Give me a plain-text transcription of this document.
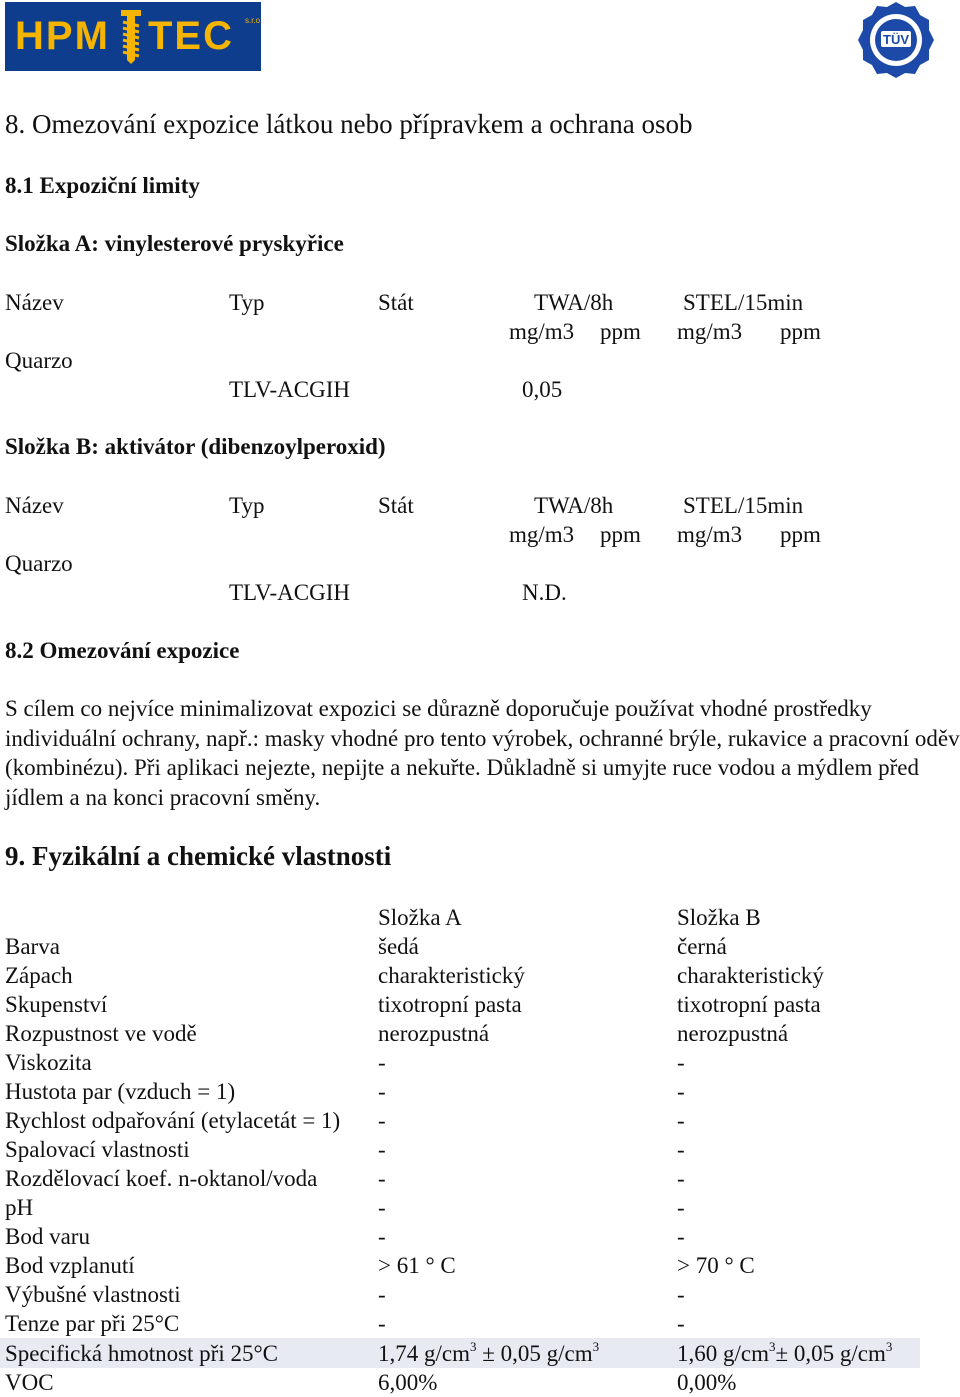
HPM TEC s.r.o.
TÜV
8. Omezování expozice látkou nebo přípravkem a ochrana osob
8.1 Expoziční limity
Složka A: vinylesterové pryskyřice
Název	Typ	Stát	TWA/8h	STEL/15min
mg/m3 ppm mg/m3 ppm
Quarzo
TLV-ACGIH	0,05
Složka B: aktivátor (dibenzoylperoxid)
Název	Typ	Stát	TWA/8h	STEL/15min
mg/m3 ppm mg/m3 ppm
Quarzo
TLV-ACGIH	N.D.
8.2 Omezování expozice
S cílem co nejvíce minimalizovat expozici se důrazně doporučuje používat vhodné prostředky individuální ochrany, např.: masky vhodné pro tento výrobek, ochranné brýle, rukavice a pracovní oděv (kombinézu). Při aplikaci nejezte, nepijte a nekuřte. Důkladně si umyjte ruce vodou a mýdlem před jídlem a na konci pracovní směny.
9. Fyzikální a chemické vlastnosti
Složka A	Složka B
Barva	šedá	černá
Zápach	charakteristický	charakteristický
Skupenství	tixotropní pasta	tixotropní pasta
Rozpustnost ve vodě	nerozpustná	nerozpustná
Viskozita	-	-
Hustota par (vzduch = 1)	-	-
Rychlost odpařování (etylacetát = 1) -	-
Spalovací vlastnosti	-	-
Rozdělovací koef. n-oktanol/voda	-	-
pH	-	-
Bod varu	-	-
Bod vzplanutí	> 61 ° C	> 70 ° C
Výbušné vlastnosti	-	-
Tenze par při 25°C	-	-
Specifická hmotnost při 25°C	1,74 $g/cm^3 \pm 0,05$ $g/cm^3$	1,60 $g/cm^3\pm 0,05$ $g/cm^3$
VOC	6,00%	0,00%
